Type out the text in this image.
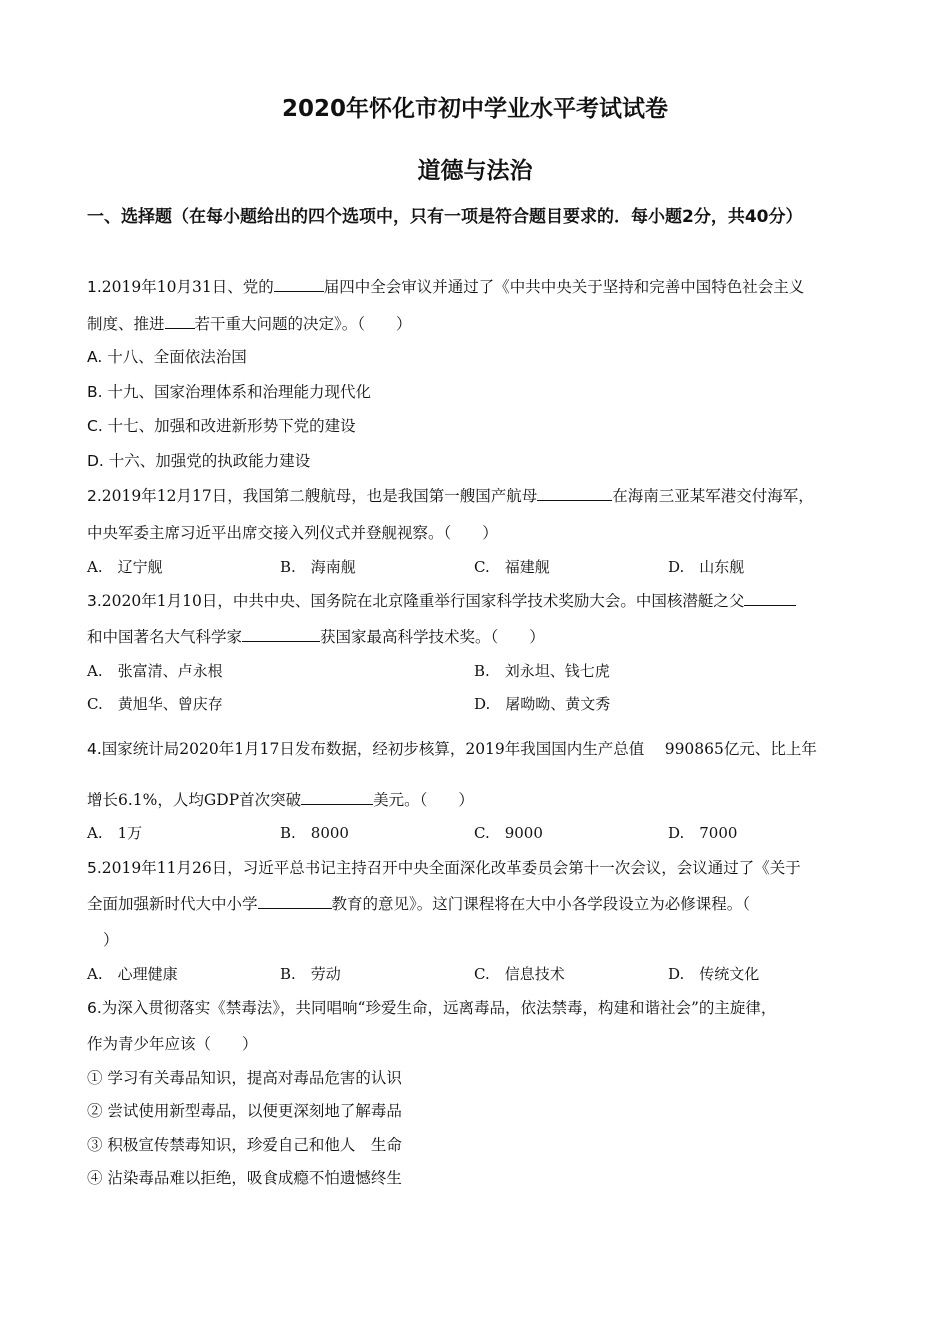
2020年怀化市初中学业水平考试试卷
道德与法治
一、选择题（在每小题给出的四个选项中，只有一项是符合题目要求的．每小题2分，共40分）
1.2019年10月31日、党的	届四中全会审议并通过了《中共中央关于坚持和完善中国特色社会主义
制度、推进 若干重大问题的决定》。（　　）
A. 十八、全面依法治国
B. 十九、国家治理体系和治理能力现代化
C. 十七、加强和改进新形势下党的建设
D. 十六、加强党的执政能力建设
2.2019年12月17日，我国第二艘航母，也是我国第一艘国产航母	在海南三亚某军港交付海军，
中央军委主席习近平出席交接入列仪式并登舰视察。（　　）
A.　辽宁舰	B.　海南舰	C.　福建舰	D.　山东舰
3.2020年1月10日，中共中央、国务院在北京隆重举行国家科学技术奖励大会。中国核潜艇之父
和中国著名大气科学家	获国家最高科学技术奖。（　　）
A.　张富清、卢永根	B.　刘永坦、钱七虎
C.　黄旭华、曾庆存	D.　屠呦呦、黄文秀
4.国家统计局2020年1月17日发布数据，经初步核算，2019年我国国内生产总值　 990865亿元、比上年
增长6.1%，人均GDP首次突破	美元。（　　）
A.　1万	B.　8000	C.　9000	D.　7000
5.2019年11月26日，习近平总书记主持召开中央全面深化改革委员会第十一次会议，会议通过了《关于
全面加强新时代大中小学	教育的意见》。这门课程将在大中小各学段设立为必修课程。（
）
A.　心理健康	B.　劳动	C.　信息技术	D.　传统文化
6.为深入贯彻落实《禁毒法》，共同唱响“珍爱生命，远离毒品，依法禁毒，构建和谐社会”的主旋律，
作为青少年应该（　　）
① 学习有关毒品知识，提高对毒品危害的认识
② 尝试使用新型毒品，以便更深刻地了解毒品
③ 积极宣传禁毒知识，珍爱自己和他人　生命
④ 沾染毒品难以拒绝，吸食成瘾不怕遗憾终生
